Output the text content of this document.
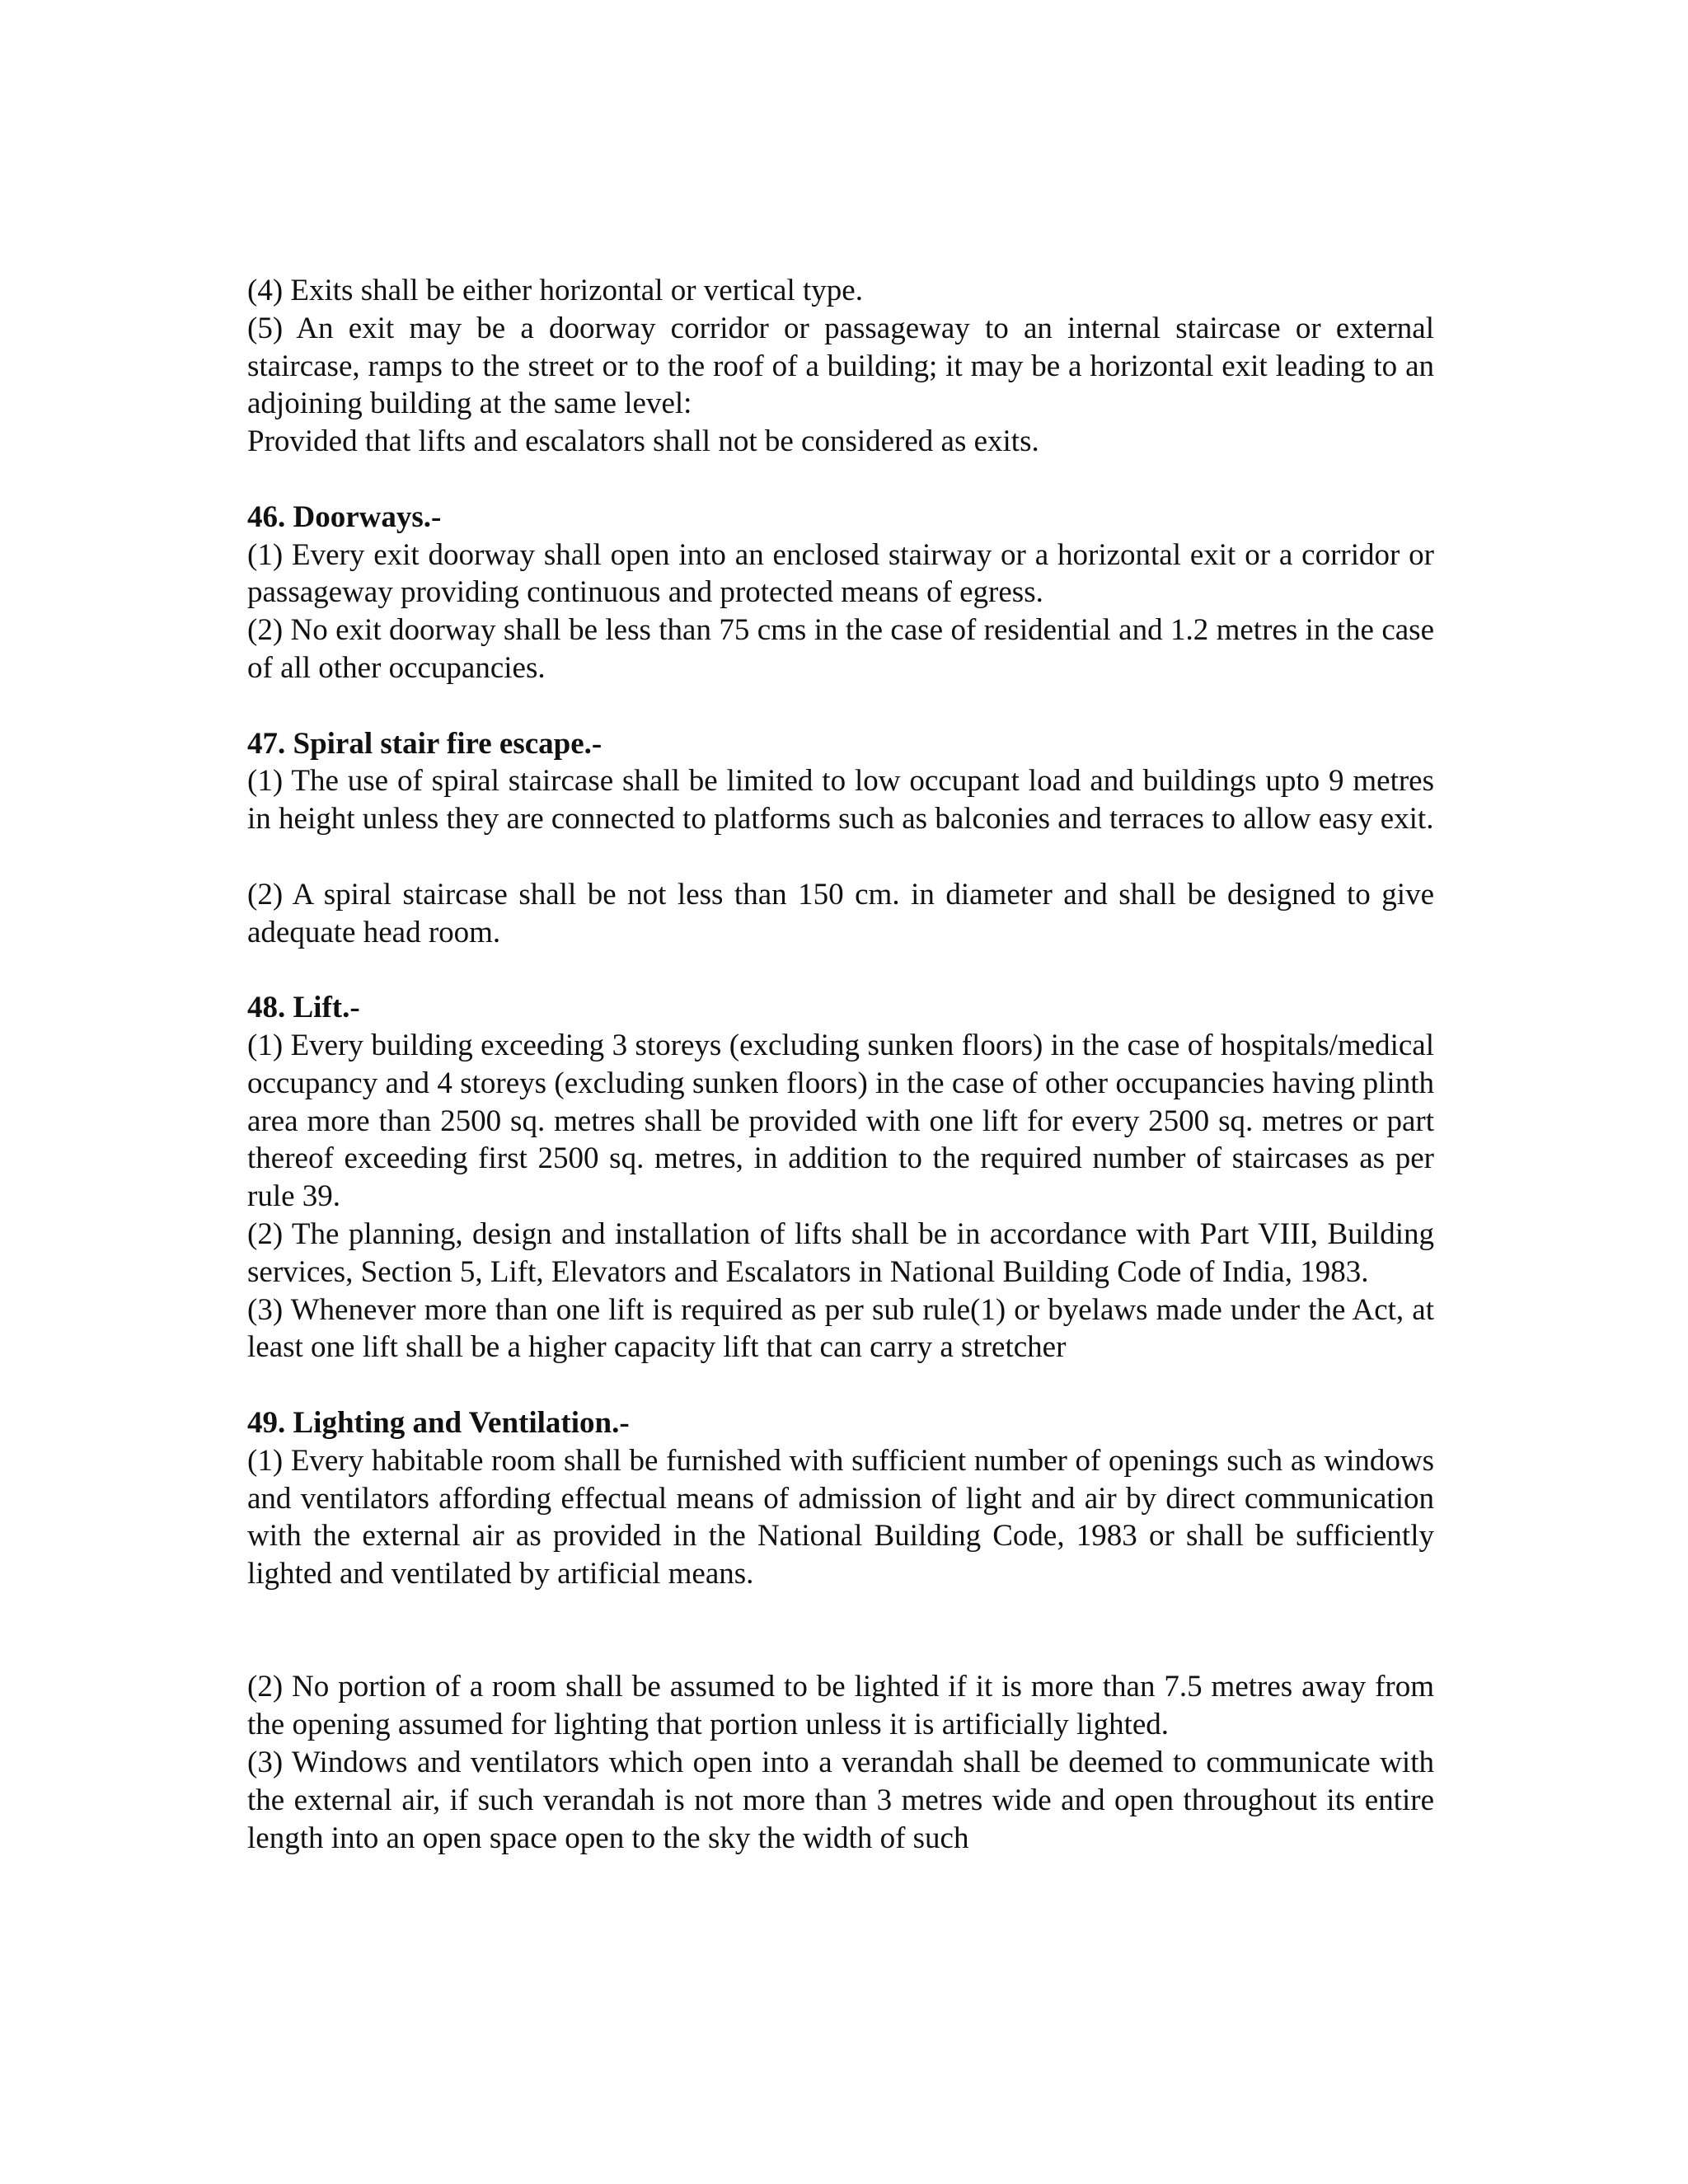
(4) Exits shall be either horizontal or vertical type.

(5) An exit may be a doorway corridor or passageway to an internal staircase or external staircase, ramps to the street or to the roof of a building; it may be a horizontal exit leading to an adjoining building at the same level:

Provided that lifts and escalators shall not be considered as exits.

46. Doorways.-

(1) Every exit doorway shall open into an enclosed stairway or a horizontal exit or a corridor or passageway providing continuous and protected means of egress.

(2) No exit doorway shall be less than 75 cms in the case of residential and 1.2 metres in the case of all other occupancies.

47. Spiral stair fire escape.-

(1) The use of spiral staircase shall be limited to low occupant load and buildings upto 9 metres in height unless they are connected to platforms such as balconies and terraces to allow easy exit.

(2) A spiral staircase shall be not less than 150 cm. in diameter and shall be designed to give adequate head room.

48. Lift.-

(1) Every building exceeding 3 storeys (excluding sunken floors) in the case of hospitals/medical occupancy and 4 storeys (excluding sunken floors) in the case of other occupancies having plinth area more than 2500 sq. metres shall be provided with one lift for every 2500 sq. metres or part thereof exceeding first 2500 sq. metres, in addition to the required number of staircases as per rule 39.

(2) The planning, design and installation of lifts shall be in accordance with Part VIII, Building services, Section 5, Lift, Elevators and Escalators in National Building Code of India, 1983.

(3) Whenever more than one lift is required as per sub rule(1) or byelaws made under the Act, at least one lift shall be a higher capacity lift that can carry a stretcher

49. Lighting and Ventilation.-

(1) Every habitable room shall be furnished with sufficient number of openings such as windows and ventilators affording effectual means of admission of light and air by direct communication with the external air as provided in the National Building Code, 1983 or shall be sufficiently lighted and ventilated by artificial means.

(2) No portion of a room shall be assumed to be lighted if it is more than 7.5 metres away from the opening assumed for lighting that portion unless it is artificially lighted.

(3) Windows and ventilators which open into a verandah shall be deemed to communicate with the external air, if such verandah is not more than 3 metres wide and open throughout its entire length into an open space open to the sky the width of such
